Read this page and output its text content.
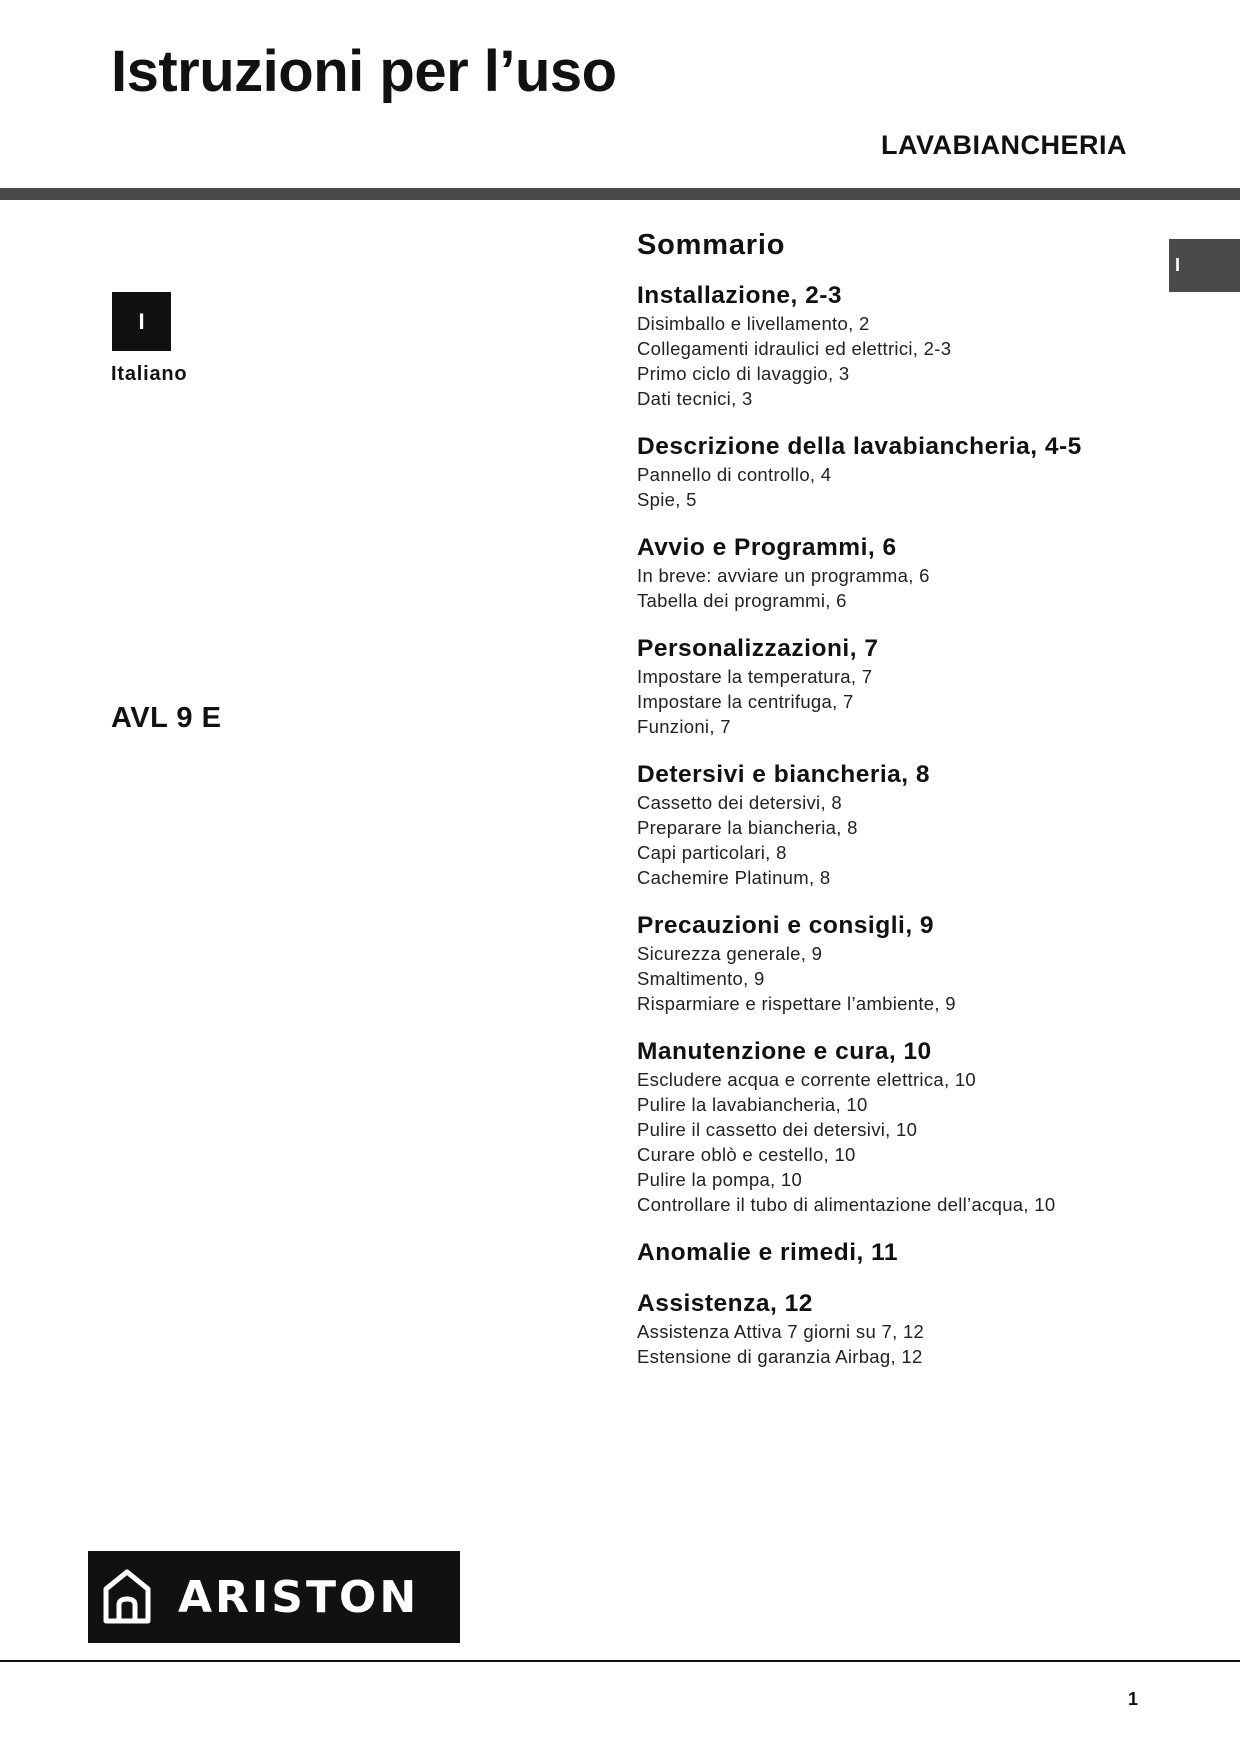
Istruzioni per l’uso
LAVABIANCHERIA
I
I
Italiano
AVL 9 E
Sommario
Installazione, 2-3
Disimballo e livellamento, 2
Collegamenti idraulici ed elettrici, 2-3
Primo ciclo di lavaggio, 3
Dati tecnici, 3
Descrizione della lavabiancheria, 4-5
Pannello di controllo, 4
Spie, 5
Avvio e Programmi, 6
In breve: avviare un programma, 6
Tabella dei programmi, 6
Personalizzazioni, 7
Impostare la temperatura, 7
Impostare la centrifuga, 7
Funzioni, 7
Detersivi e biancheria, 8
Cassetto dei detersivi, 8
Preparare la biancheria, 8
Capi particolari, 8
Cachemire Platinum, 8
Precauzioni e consigli, 9
Sicurezza generale, 9
Smaltimento, 9
Risparmiare e rispettare l’ambiente, 9
Manutenzione e cura, 10
Escludere acqua e corrente elettrica, 10
Pulire la lavabiancheria, 10
Pulire il cassetto dei detersivi, 10
Curare oblò e cestello, 10
Pulire la pompa, 10
Controllare il tubo di alimentazione dell’acqua, 10
Anomalie e rimedi, 11
Assistenza, 12
Assistenza Attiva 7 giorni su 7, 12
Estensione di garanzia Airbag, 12
ARISTON
1
